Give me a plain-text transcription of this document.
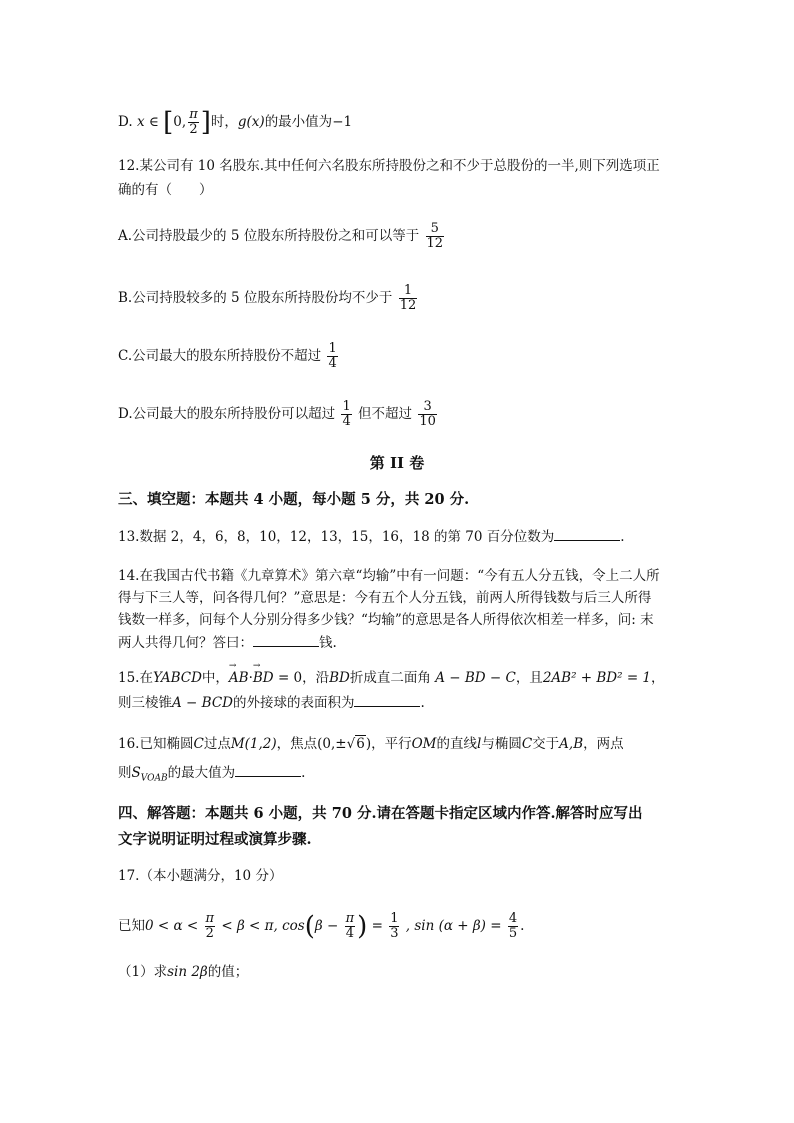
D. x ∈ [0, $\frac{\pi}{2}$ ]时，g(x)的最小值为−1
12.某公司有 10 名股东.其中任何六名股东所持股份之和不少于总股份的一半,则下列选项正
确的有（　　）
A.公司持股最少的 5 位股东所持股份之和可以等于 $\frac{5}{12}$
B.公司持股较多的 5 位股东所持股份均不少于 $\frac{1}{12}$
C.公司最大的股东所持股份不超过 $\frac{1}{4}$
D.公司最大的股东所持股份可以超过 $\frac{1}{4}$ 但不超过 $\frac{3}{10}$
第 II 卷
三、填空题：本题共 4 小题，每小题 5 分，共 20 分.
13.数据 2，4，6，8，10，12，13，15，16，18 的第 70 百分位数为	.
14.在我国古代书籍《九章算术》第六章“均输”中有一问题：“今有五人分五钱，令上二人所
得与下三人等，问各得几何？”意思是：今有五个人分五钱，前两人所得钱数与后三人所得
钱数一样多，问每个人分别分得多少钱？“均输”的意思是各人所得依次相差一样多，问: 末
两人共得几何？答曰：	钱.
15.在YABCD中，→ AB·→ BD = 0，沿BD折成直二面角 A − BD − C，且2AB² + BD² = 1，
则三棱锥A − BCD的外接球的表面积为	.
16.已知椭圆C过点M(1,2)，焦点(0,±√6)，平行OM的直线l与椭圆C交于A,B，两点
则$S_{VOAB}$的最大值为	.
四、解答题：本题共 6 小题，共 70 分.请在答题卡指定区域内作答.解答时应写出
文字说明证明过程或演算步骤.
17.（本小题满分，10 分）
已知$0 < \alpha < \frac{\pi}{2} < \beta < \pi$, $\cos(\beta - \frac{\pi}{4}$ ) = $\frac{1}{3}$ , $\sin (\alpha + \beta) = \frac{4}{5}$ .
（1）求sin 2β的值；
